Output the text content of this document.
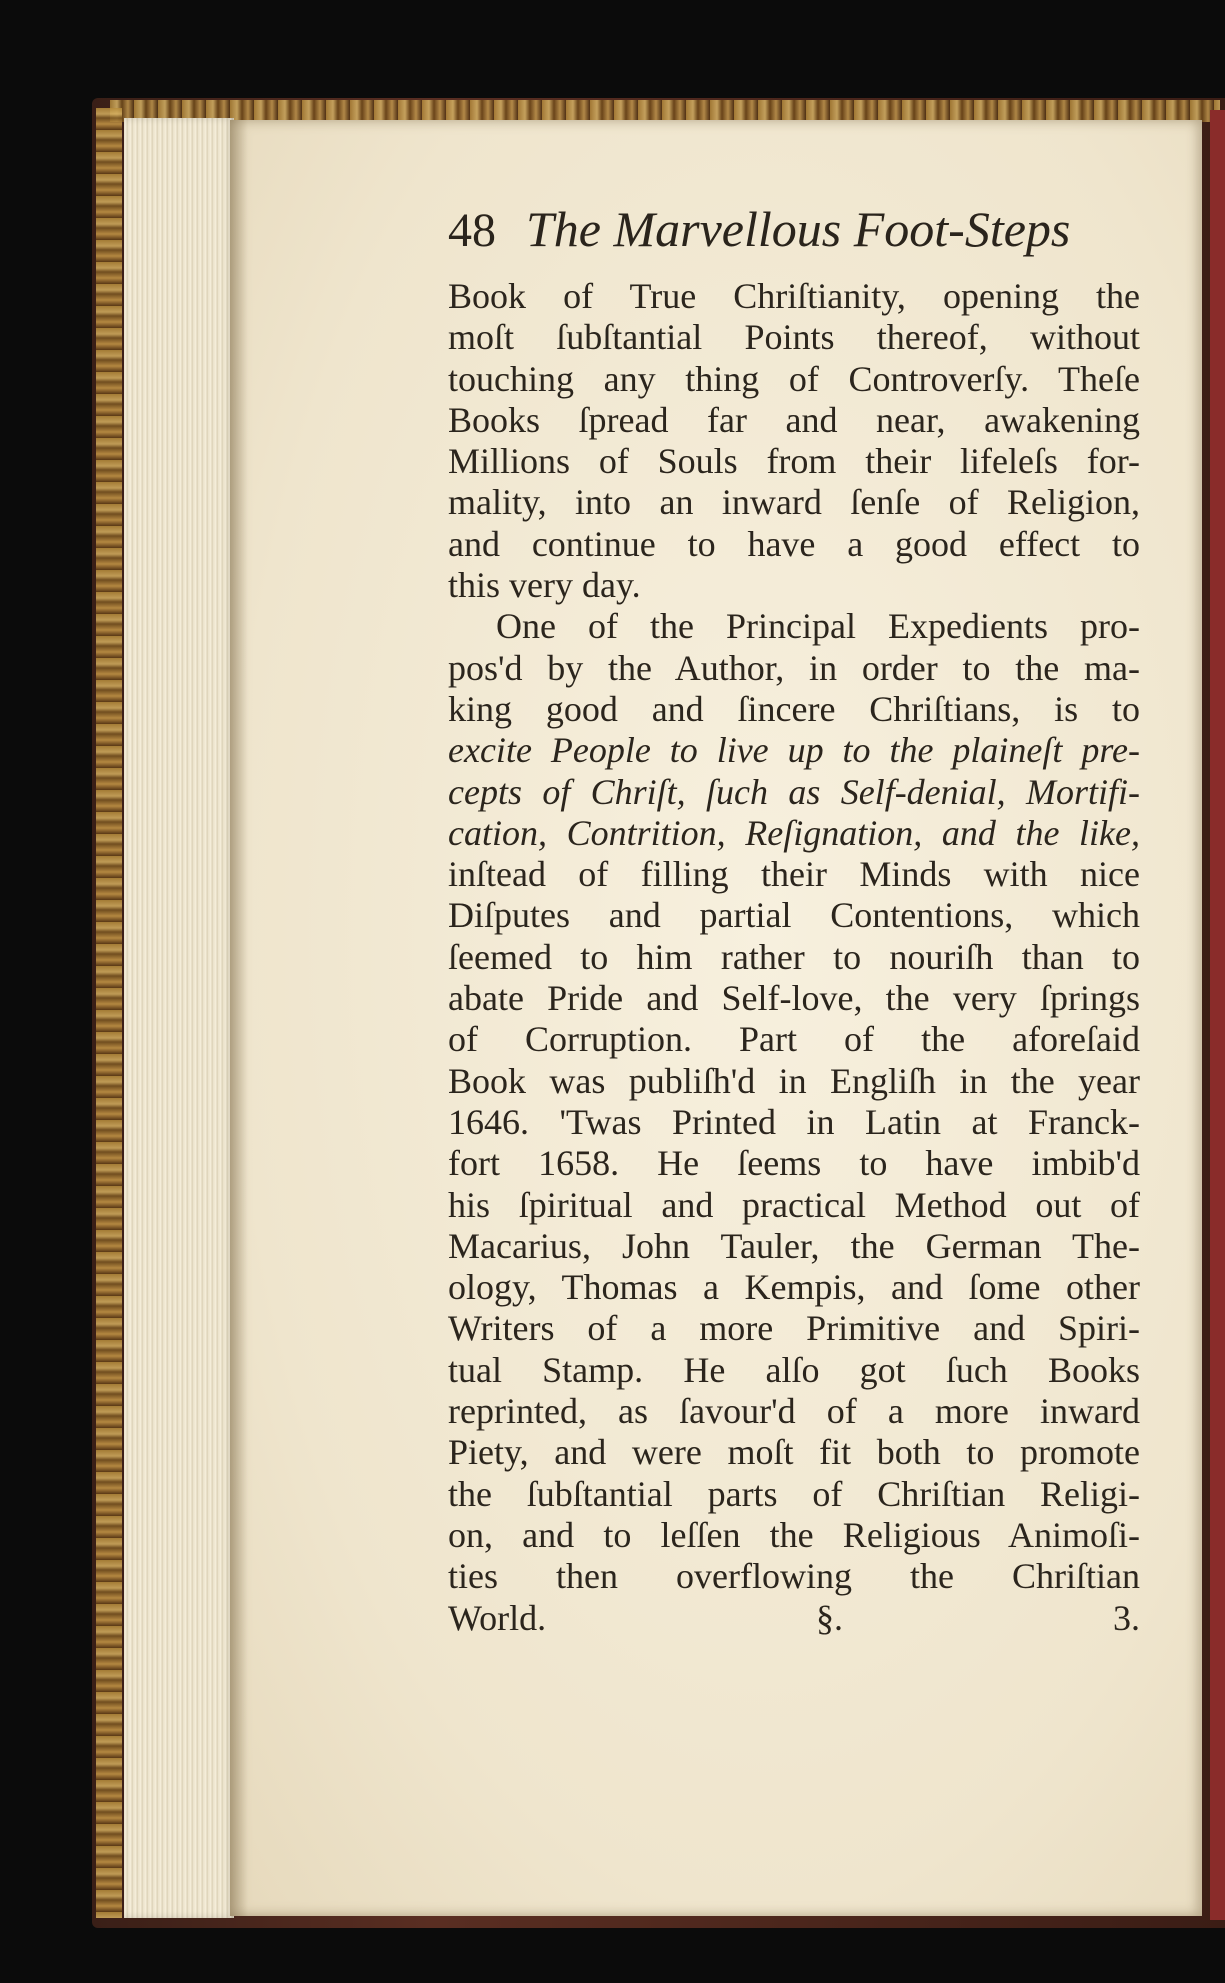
48 The Marvellous Foot-Steps
Book of True Chriſtianity, opening the
moſt ſubſtantial Points thereof, without
touching any thing of Controverſy. Theſe
Books ſpread far and near, awakening
Millions of Souls from their lifeleſs for-
mality, into an inward ſenſe of Religion,
and continue to have a good effect to
this very day.
One of the Principal Expedients pro-
pos'd by the Author, in order to the ma-
king good and ſincere Chriſtians, is to
excite People to live up to the plaineſt pre-
cepts of Chriſt, ſuch as Self-denial, Mortifi-
cation, Contrition, Reſignation, and the like,
inſtead of filling their Minds with nice
Diſputes and partial Contentions, which
ſeemed to him rather to nouriſh than to
abate Pride and Self-love, the very ſprings
of Corruption. Part of the aforeſaid
Book was publiſh'd in Engliſh in the year
1646. 'Twas Printed in Latin at Franck-
fort 1658. He ſeems to have imbib'd
his ſpiritual and practical Method out of
Macarius, John Tauler, the German The-
ology, Thomas a Kempis, and ſome other
Writers of a more Primitive and Spiri-
tual Stamp. He alſo got ſuch Books
reprinted, as ſavour'd of a more inward
Piety, and were moſt fit both to promote
the ſubſtantial parts of Chriſtian Religi-
on, and to leſſen the Religious Animoſi-
ties then overflowing the Chriſtian
World. §. 3.
